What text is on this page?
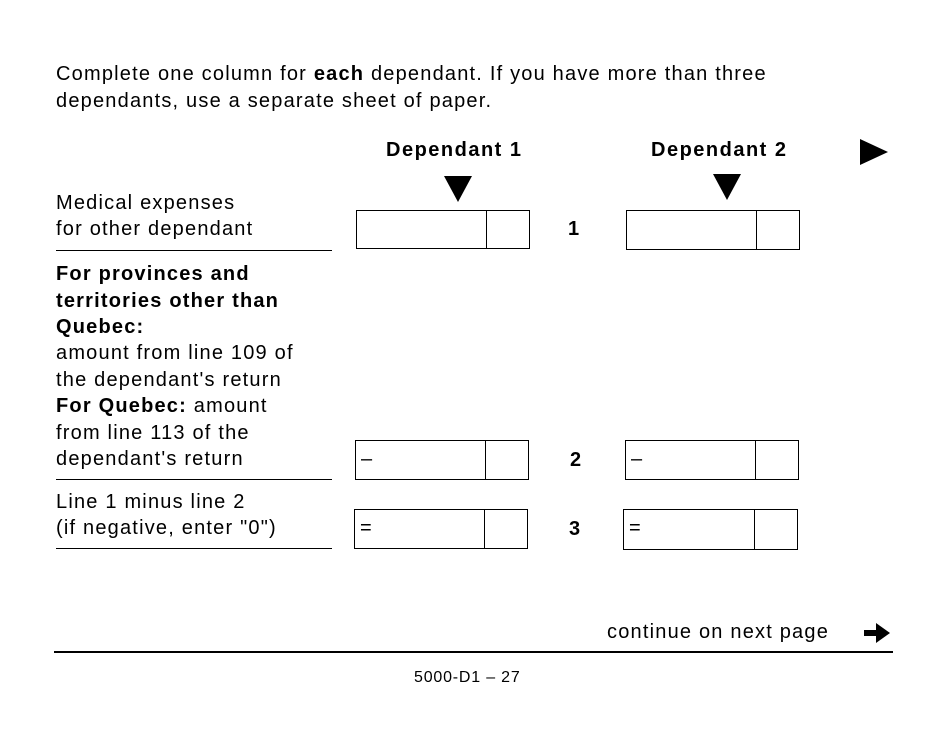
Complete one column for each dependant. If you have more than three
dependants, use a separate sheet of paper.
Dependant 1	Dependant 2
Medical expenses
for other dependant	1
For provinces and
territories other than
Quebec:
amount from line 109 of
the dependant's return
For Quebec: amount
from line 113 of the
dependant's return	–	2 –
Line 1 minus line 2
(if negative, enter "0")	=	3 =
continue on next page
5000-D1 – 27
